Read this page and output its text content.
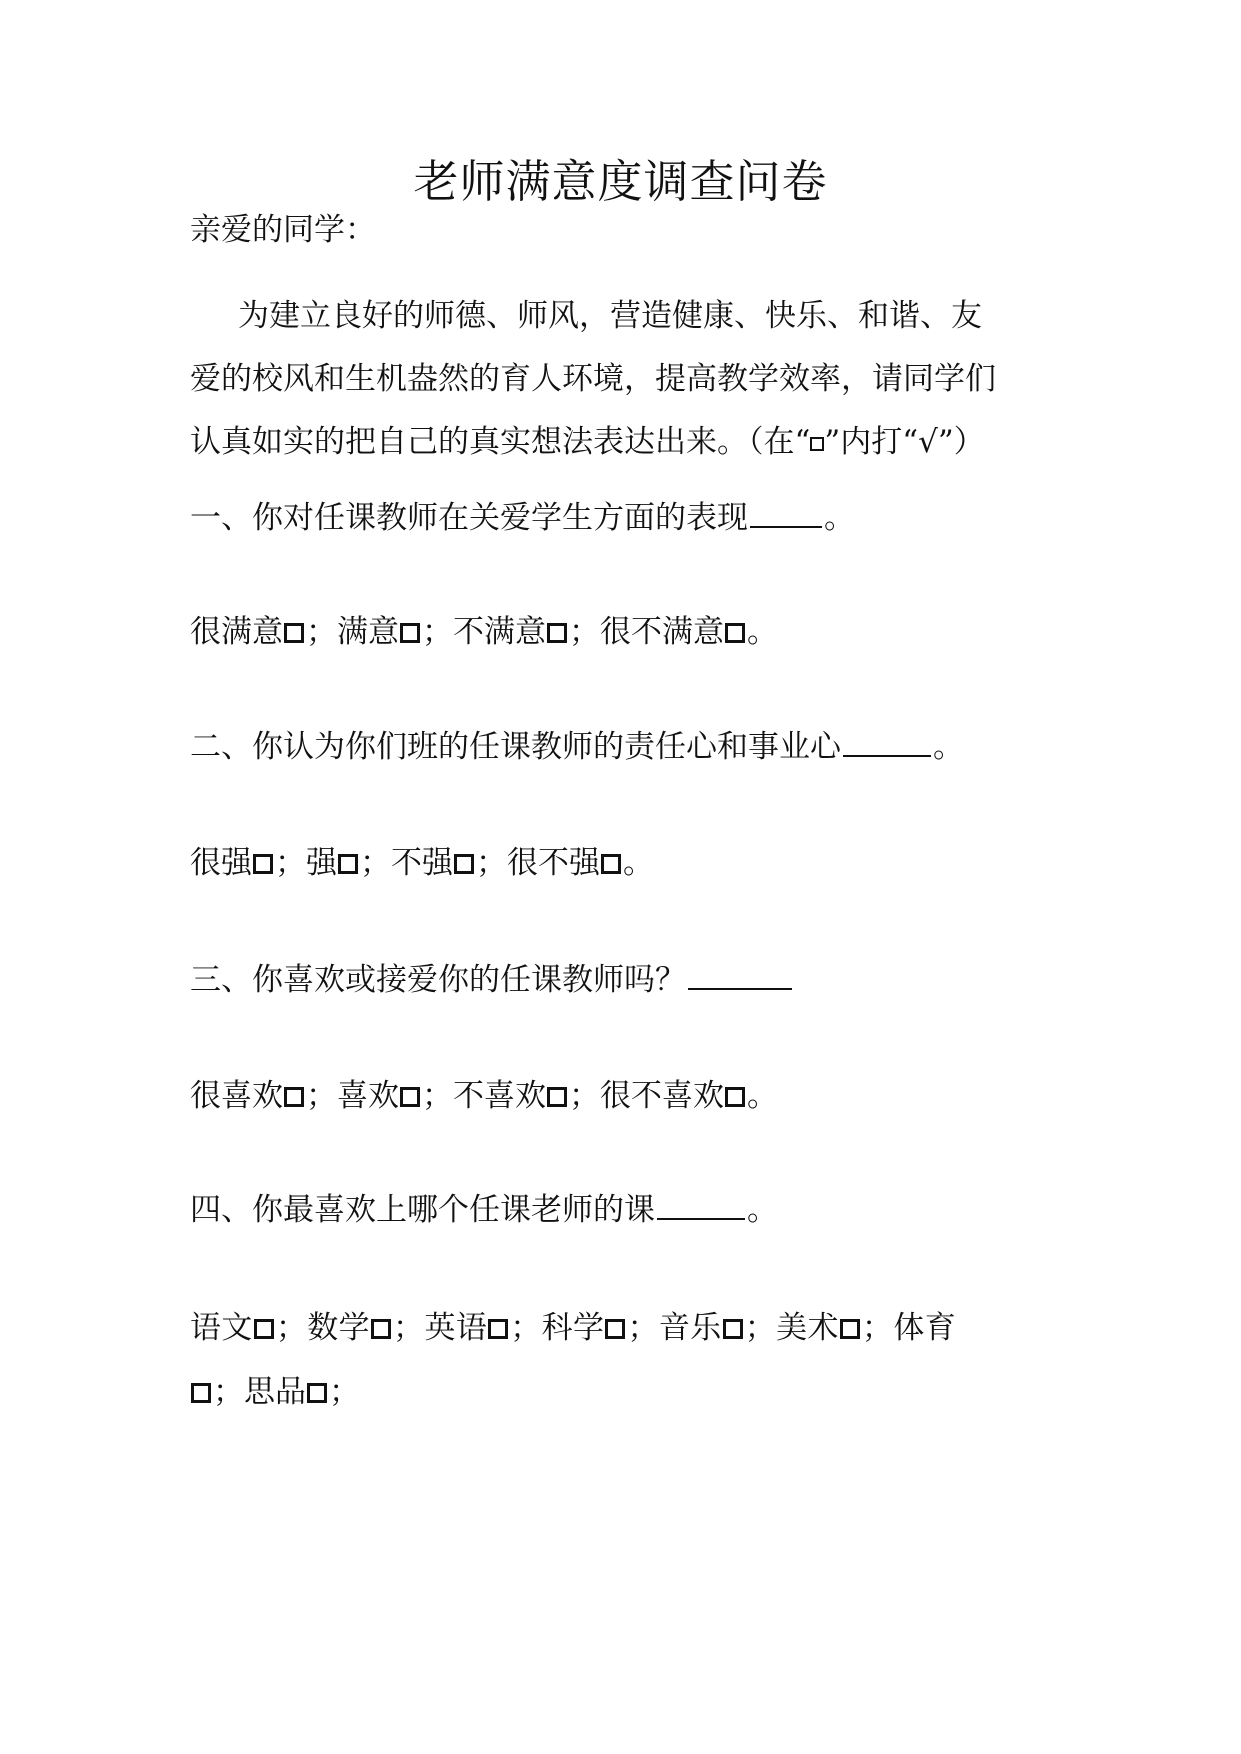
老师满意度调查问卷
亲爱的同学：
为建立良好的师德、师风，营造健康、快乐、和谐、友
爱的校风和生机盎然的育人环境，提高教学效率，请同学们
认真如实的把自己的真实想法表达出来。（在“ ”内打“√”）
一、你对任课教师在关爱学生方面的表现 。
很满意 ；满意 ；不满意 ；很不满意 。
二、你认为你们班的任课教师的责任心和事业心	。
很强 ；强 ；不强 ；很不强 。
三、你喜欢或接爱你的任课教师吗？
很喜欢 ；喜欢 ；不喜欢 ；很不喜欢 。
四、你最喜欢上哪个任课老师的课	。
语文 ；数学 ；英语 ；科学 ；音乐 ；美术 ；体育
；思品 ；
